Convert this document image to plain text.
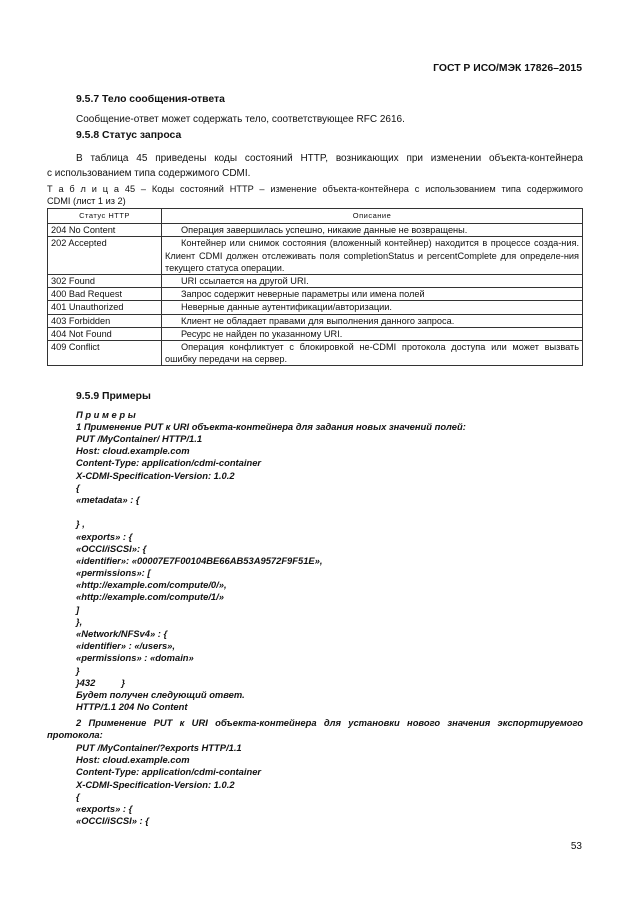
ГОСТ Р ИСО/МЭК 17826–2015
9.5.7 Тело сообщения-ответа
Сообщение-ответ может содержать тело, соответствующее RFC 2616.
9.5.8 Статус запроса
В таблица 45 приведены коды состояний HTTP, возникающих при изменении объекта-контейнера
с использованием типа содержимого CDMI.
Т а б л и ц а 45 – Коды состояний HTTP – изменение объекта-контейнера с использованием типа содержимого
CDMI (лист 1 из 2)
Статус HTTP	Описание
204 No Content	Операция завершилась успешно, никакие данные не возвращены.
202 Accepted	Контейнер или снимок состояния (вложенный контейнер) находится в процессе созда-ния. Клиент CDMI должен отслеживать поля completionStatus и percentComplete для определе-ния текущего статуса операции.
302 Found	URI ссылается на другой URI.
400 Bad Request	Запрос содержит неверные параметры или имена полей
401 Unauthorized	Неверные данные аутентификации/авторизации.
403 Forbidden	Клиент не обладает правами для выполнения данного запроса.
404 Not Found	Ресурс не найден по указанному URI.
409 Conflict	Операция конфликтует с блокировкой не-CDMI протокола доступа или может вызвать ошибку передачи на сервер.
9.5.9 Примеры
П р и м е р ы
1 Применение PUT к URI объекта-контейнера для задания новых значений полей:
PUT /MyContainer/ HTTP/1.1
Host: cloud.example.com
Content-Type: application/cdmi-container
X-CDMI-Specification-Version: 1.0.2
{
«metadata» : {
} ,
«exports» : {
«OCCI/iSCSI»: {
«identifier»: «00007E7F00104BE66AB53A9572F9F51E»,
«permissions»: [
«http://example.com/compute/0/»,
«http://example.com/compute/1/»
]
},
«Network/NFSv4» : {
«identifier» : «/users»,
«permissions» : «domain»
}
}432          }
Будет получен следующий ответ.
HTTP/1.1 204 No Content
2 Применение PUT к URI объекта-контейнера для установки нового значения экспортируемого
протокола:
PUT /MyContainer/?exports HTTP/1.1
Host: cloud.example.com
Content-Type: application/cdmi-container
X-CDMI-Specification-Version: 1.0.2
{
«exports» : {
«OCCI/iSCSI» : {
53
